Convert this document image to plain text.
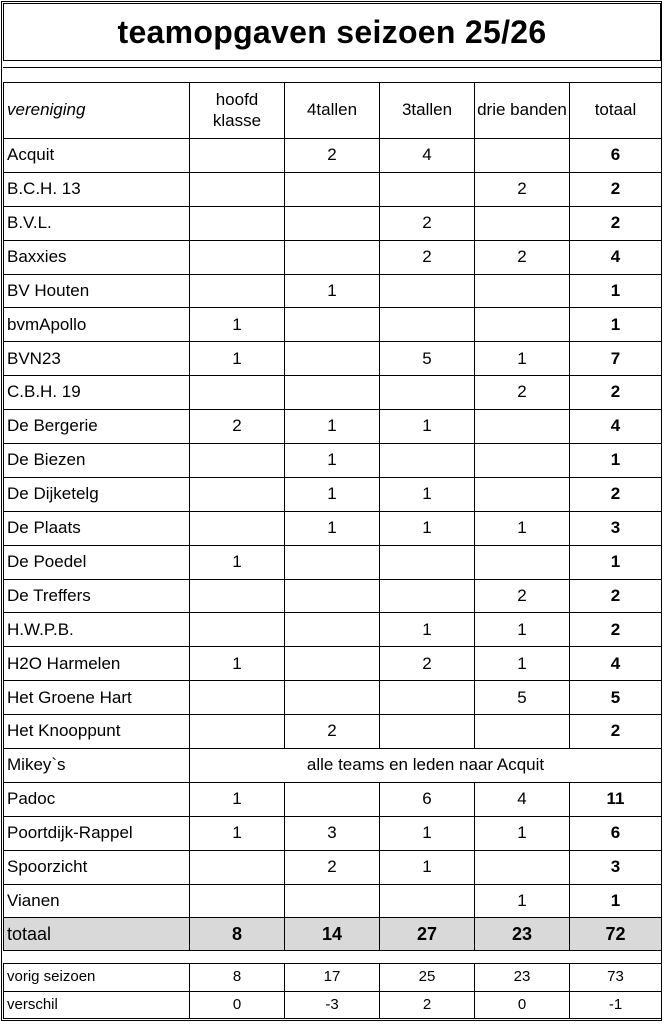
teamopgaven seizoen 25/26
vereniging	hoofd klasse	4tallen	3tallen	drie banden	totaal
Acquit		2	4		6
B.C.H. 13				2	2
B.V.L.			2		2
Baxxies			2	2	4
BV Houten		1			1
bvmApollo	1				1
BVN23	1		5	1	7
C.B.H. 19				2	2
De Bergerie	2	1	1		4
De Biezen		1			1
De Dijketelg		1	1		2
De Plaats		1	1	1	3
De Poedel	1				1
De Treffers				2	2
H.W.P.B.			1	1	2
H2O Harmelen	1		2	1	4
Het Groene Hart				5	5
Het Knooppunt		2			2
Mikey`s	alle teams en leden naar Acquit				
Padoc	1		6	4	11
Poortdijk-Rappel	1	3	1	1	6
Spoorzicht		2	1		3
Vianen				1	1
totaal	8	14	27	23	72
vorig seizoen	8	17	25	23	73
verschil	0	-3	2	0	-1
